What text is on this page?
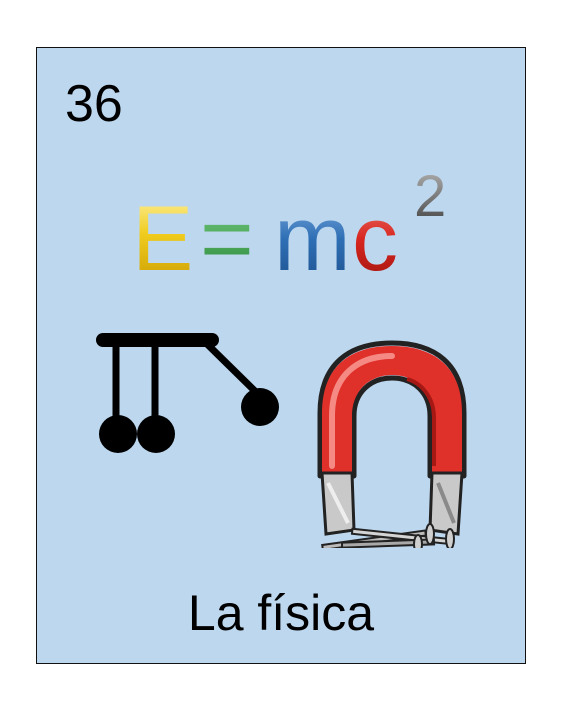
36
E = m c 2
La física
